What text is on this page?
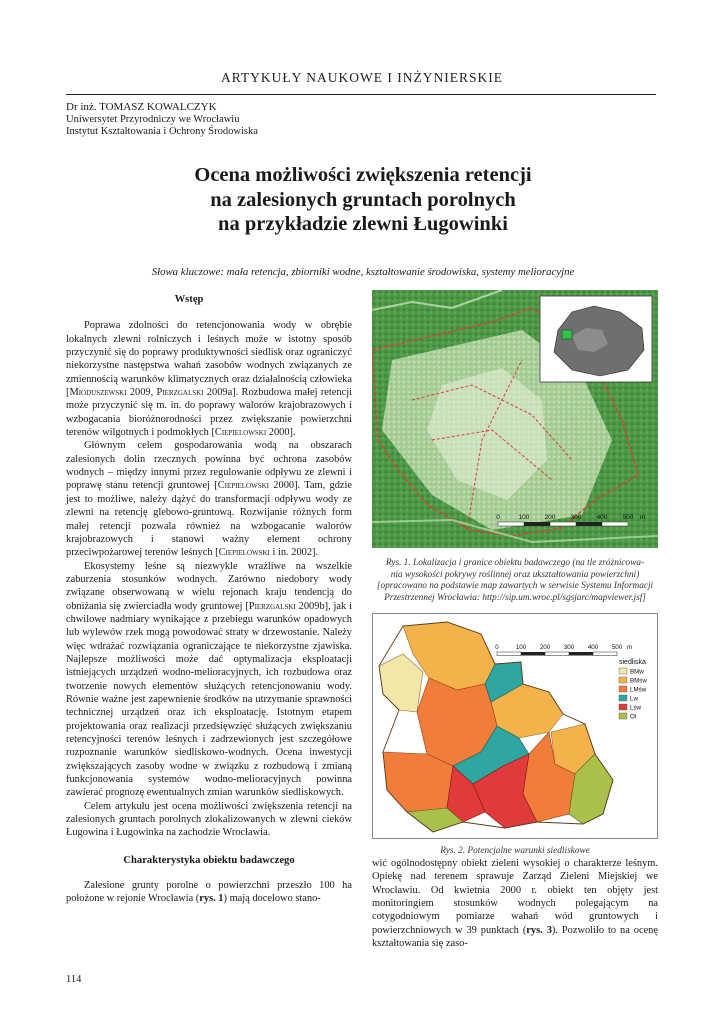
ARTYKUŁY NAUKOWE I INŻYNIERSKIE
Dr inż. TOMASZ KOWALCZYK
Uniwersytet Przyrodniczy we Wrocławiu
Instytut Kształtowania i Ochrony Środowiska
Ocena możliwości zwiększenia retencji
na zalesionych gruntach porolnych
na przykładzie zlewni Ługowinki
Słowa kluczowe: mała retencja, zbiorniki wodne, kształtowanie środowiska, systemy melioracyjne
Wstęp

Poprawa zdolności do retencjonowania wody w obrębie lokalnych zlewni rolniczych i leśnych może w istotny sposób przyczynić się do poprawy produktywności siedlisk oraz ograniczyć niekorzystne następstwa wahań zasobów wodnych związanych ze zmiennością warunków klimatycznych oraz działalnością człowieka [Mioduszewski 2009, Pierzgalski 2009a]. Rozbudowa małej retencji może przyczynić się m. in. do poprawy walorów krajobrazowych i wzbogacania bioróżnorodności przez zwiększanie powierzchni terenów wilgotnych i podmokłych [Ciepielowski 2000].

Głównym celem gospodarowania wodą na obszarach zalesionych dolin rzecznych powinna być ochrona zasobów wodnych – między innymi przez regulowanie odpływu ze zlewni i poprawę stanu retencji gruntowej [Ciepielowski 2000]. Tam, gdzie jest to możliwe, należy dążyć do transformacji odpływu wody ze zlewni na retencję glebowo-gruntową. Rozwijanie różnych form małej retencji pozwala również na wzbogacanie walorów krajobrazowych i stanowi ważny element ochrony przeciwpożarowej terenów leśnych [Ciepielowski i in. 2002].

Ekosystemy leśne są niezwykle wrażliwe na wszelkie zaburzenia stosunków wodnych. Zarówno niedobory wody związane obserwowaną w wielu rejonach kraju tendencją do obniżania się zwierciadła wody gruntowej [Pierzgalski 2009b], jak i chwilowe nadmiary wynikające z przebiegu warunków opadowych lub wylewów rzek mogą powodować straty w drzewostanie. Należy więc wdrażać rozwiązania ograniczające te niekorzystne zjawiska. Najlepsze możliwości może dać optymalizacja eksploatacji istniejących urządzeń wodno-melioracyjnych, ich rozbudowa oraz tworzenie nowych elementów służących retencjonowaniu wody. Równie ważne jest zapewnienie środków na utrzymanie sprawności technicznej urządzeń oraz ich eksploatację. Istotnym etapem projektowania oraz realizacji przedsięwzięć służących zwiększaniu retencyjności terenów leśnych i zadrzewionych jest szczegółowe rozpoznanie warunków siedliskowo-wodnych. Ocena inwestycji zwiększających zasoby wodne w związku z rozbudową i zmianą funkcjonowania systemów wodno-melioracyjnych powinna zawierać prognozę ewentualnych zmian warunków siedliskowych.

Celem artykułu jest ocena możliwości zwiększenia retencji na zalesionych gruntach porolnych zlokalizowanych w zlewni cieków Ługowina i Ługowinka na zachodzie Wrocławia.

Charakterystyka obiektu badawczego

Zalesione grunty porolne o powierzchni przeszło 100 ha położone w rejonie Wrocławia (rys. 1) mają docelowo stano-

0	100 200 300 400 500 m
Rys. 1. Lokalizacja i granice obiektu badawczego (na tle zróżnicowa-
nia wysokości pokrywy roślinnej oraz ukształtowania powierzchni)
[opracowano na podstawie map zawartych w serwisie Systemu Informacji
Przestrzennej Wrocławia: http://sip.um.wroc.pl/sgsjarc/mapviewer.jsf]
0	100 200 300 400 500 m
siedliska
BMw
BMśw
LMśw
Lw
Lśw
Ol
Rys. 2. Potencjalne warunki siedliskowe

wić ogólnodostępny obiekt zieleni wysokiej o charakterze leśnym. Opiekę nad terenem sprawuje Zarząd Zieleni Miejskiej we Wrocławiu. Od kwietnia 2000 r. obiekt ten objęty jest monitoringiem stosunków wodnych polegającym na cotygodniowym pomiarze wahań wód gruntowych i powierzchniowych w 39 punktach (rys. 3). Pozwoliło to na ocenę kształtowania się zaso-

114
